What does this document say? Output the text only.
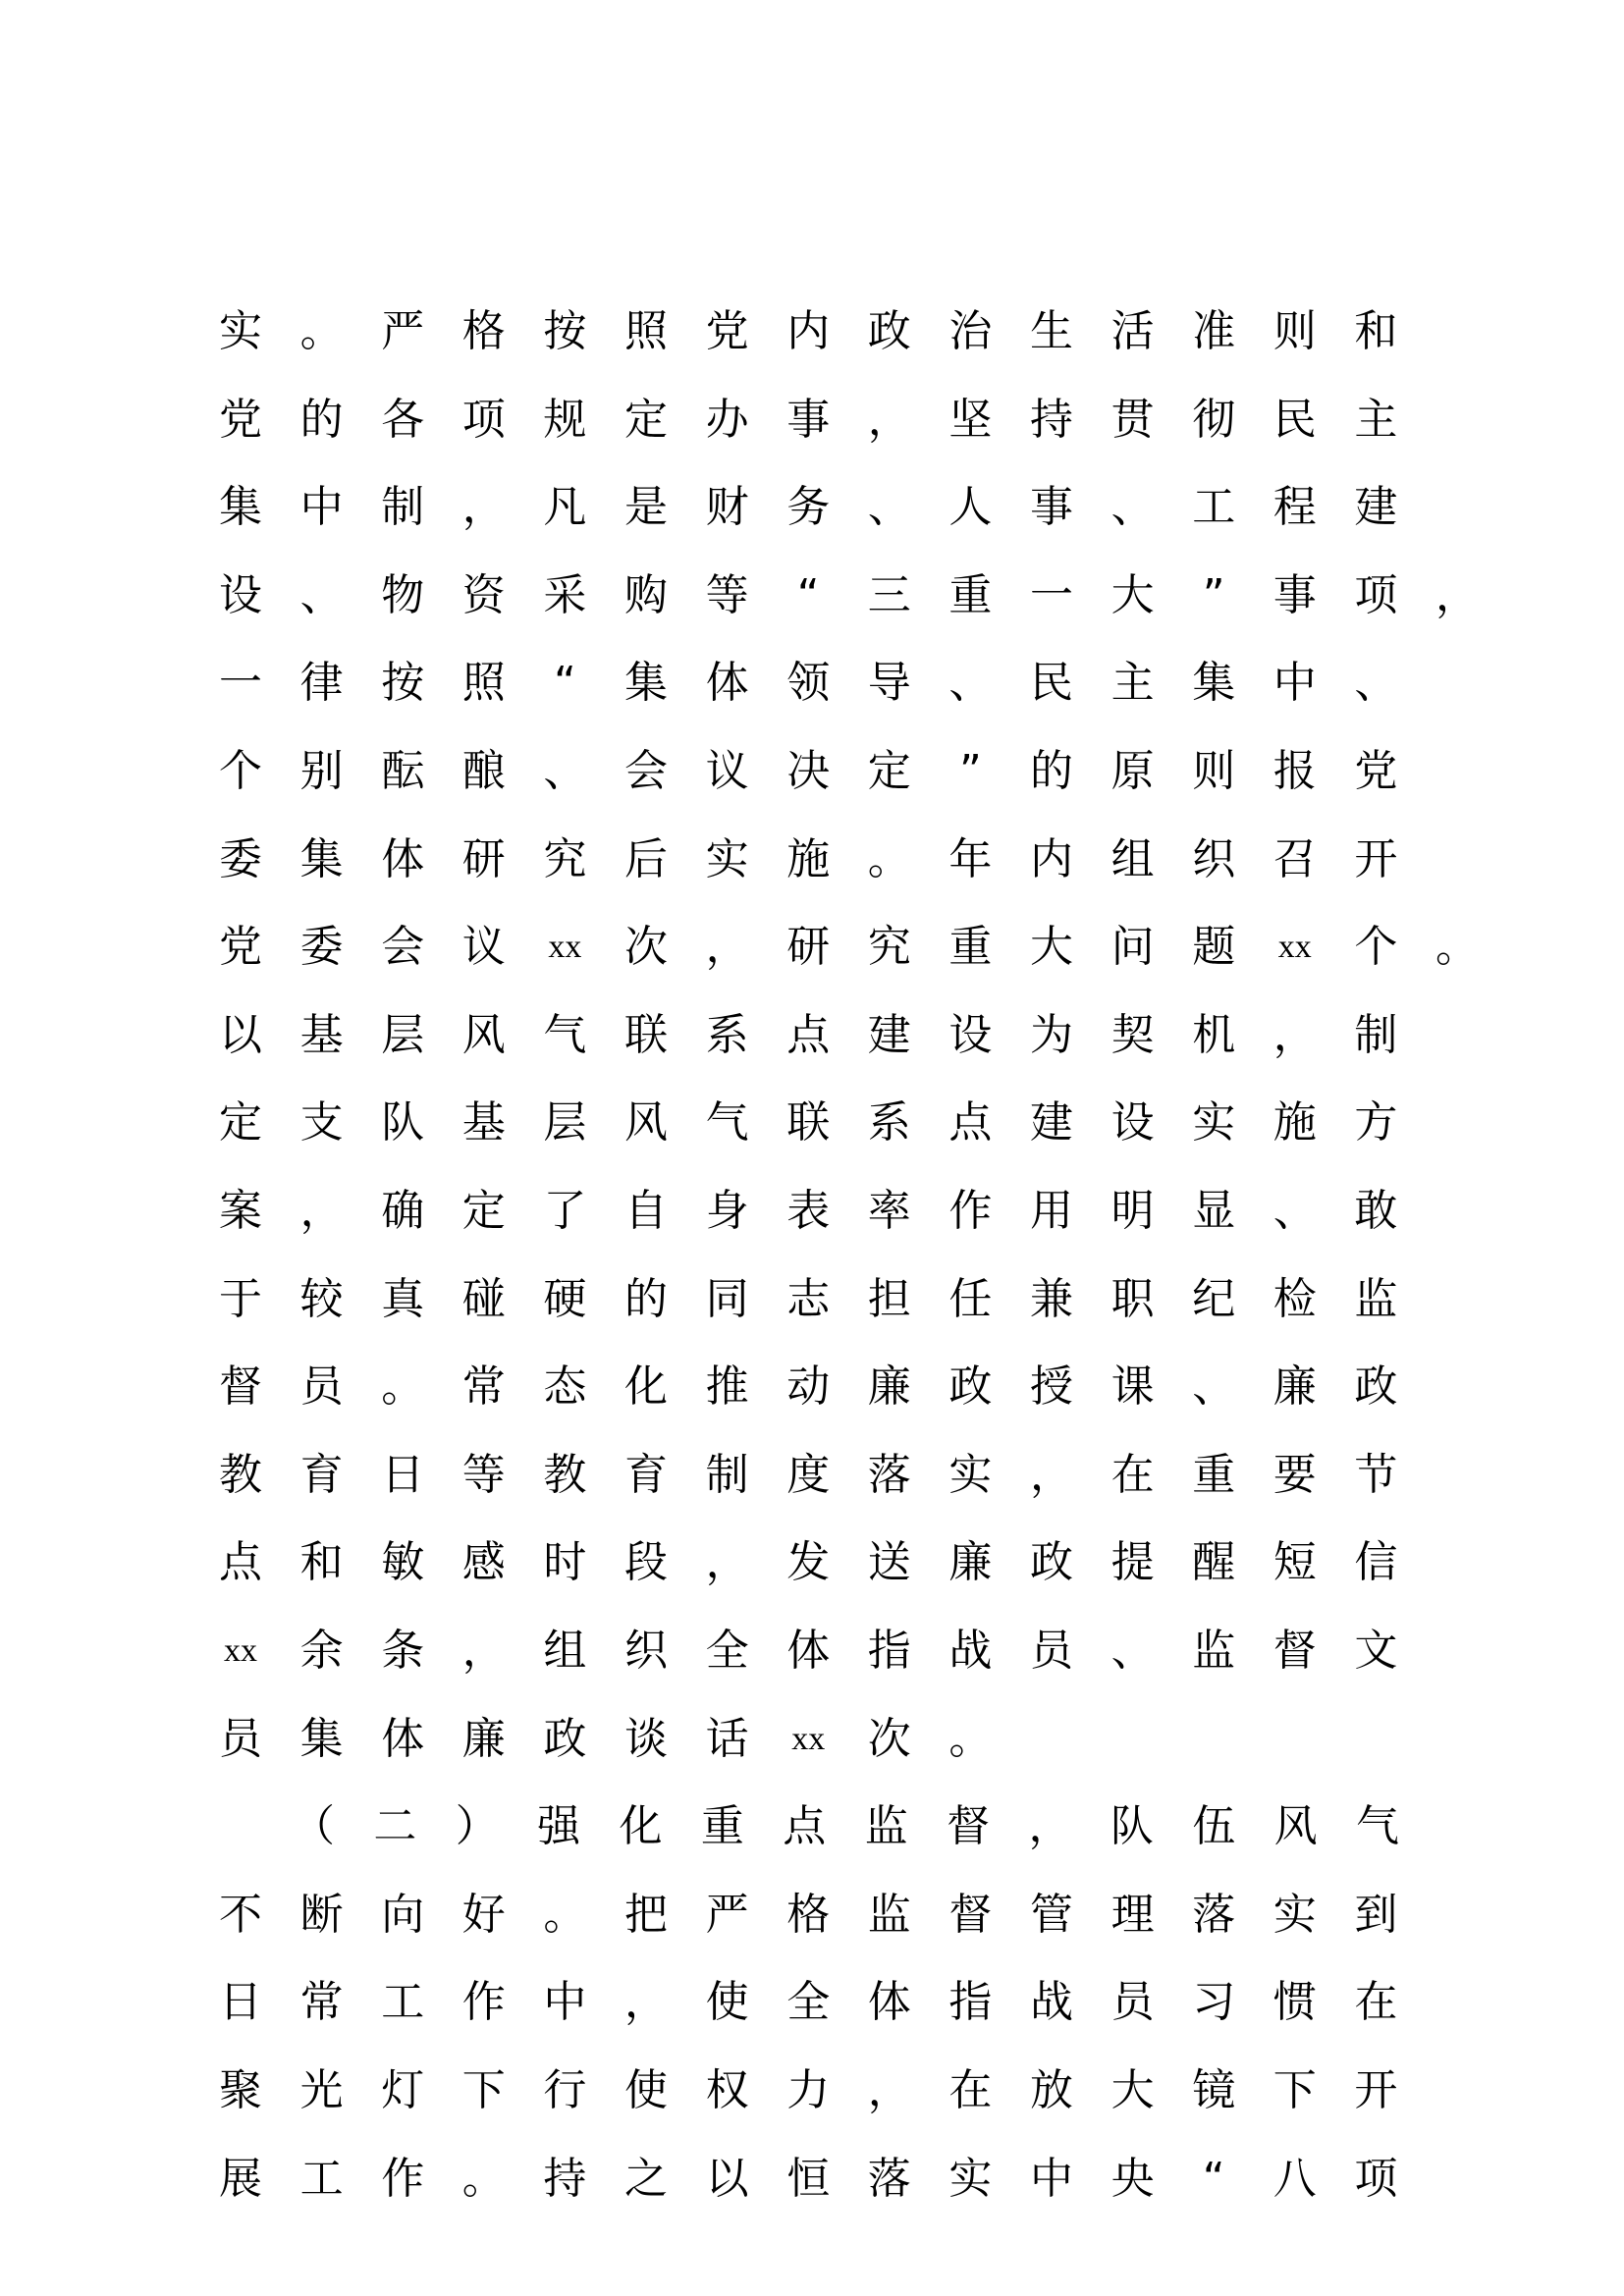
实 。 严 格 按 照 党 内 政 治 生 活 准 则 和
党 的 各 项 规 定 办 事 ， 坚 持 贯 彻 民 主
集 中 制 ， 凡 是 财 务 、 人 事 、 工 程 建
设 、 物 资 采 购 等 “ 三 重 一 大 ” 事 项 ，
一 律 按 照 “ 集 体 领 导 、 民 主 集 中 、
个 别 酝 酿 、 会 议 决 定 ” 的 原 则 报 党
委 集 体 研 究 后 实 施 。 年 内 组 织 召 开
党 委 会 议 xx 次 ， 研 究 重 大 问 题 xx 个 。
以 基 层 风 气 联 系 点 建 设 为 契 机 ， 制
定 支 队 基 层 风 气 联 系 点 建 设 实 施 方
案 ， 确 定 了 自 身 表 率 作 用 明 显 、 敢
于 较 真 碰 硬 的 同 志 担 任 兼 职 纪 检 监
督 员 。 常 态 化 推 动 廉 政 授 课 、 廉 政
教 育 日 等 教 育 制 度 落 实 ， 在 重 要 节
点 和 敏 感 时 段 ， 发 送 廉 政 提 醒 短 信
xx 余 条 ， 组 织 全 体 指 战 员 、 监 督 文
员 集 体 廉 政 谈 话 xx 次 。
（ 二 ） 强 化 重 点 监 督 ， 队 伍 风 气
不 断 向 好 。 把 严 格 监 督 管 理 落 实 到
日 常 工 作 中 ， 使 全 体 指 战 员 习 惯 在
聚 光 灯 下 行 使 权 力 ， 在 放 大 镜 下 开
展 工 作 。 持 之 以 恒 落 实 中 央 “ 八 项
